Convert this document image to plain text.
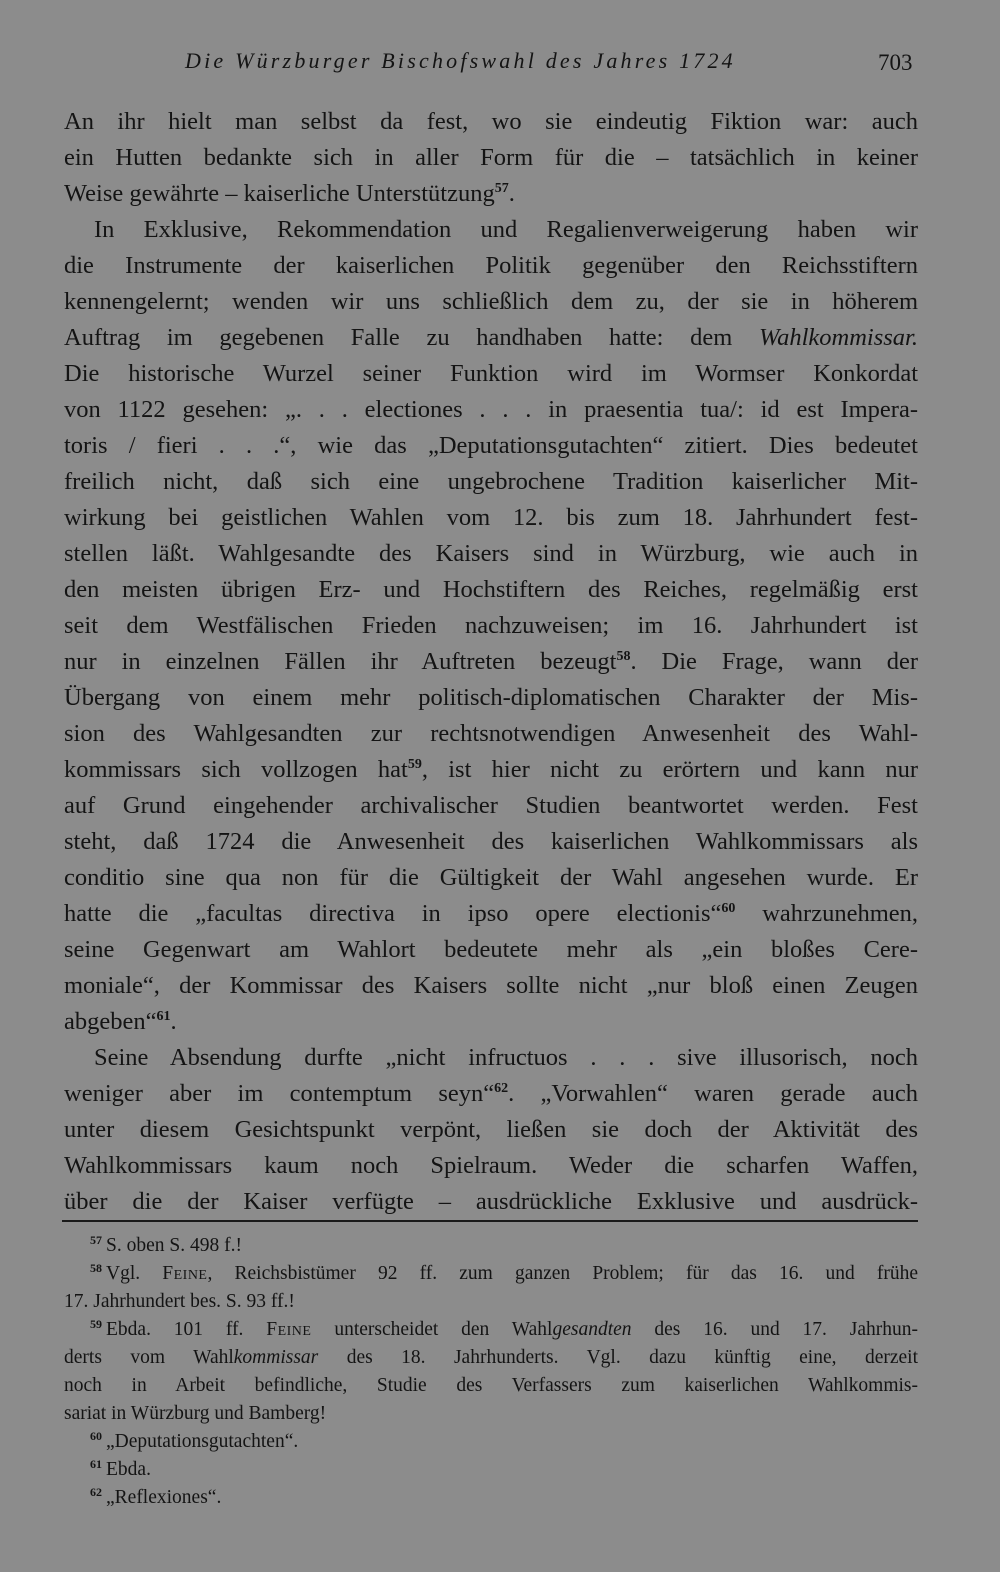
Die Würzburger Bischofswahl des Jahres 1724	703
An ihr hielt man selbst da fest, wo sie eindeutig Fiktion war: auch
ein Hutten bedankte sich in aller Form für die – tatsächlich in keiner
Weise gewährte – kaiserliche Unterstützung$^{57}$.
In Exklusive, Rekommendation und Regalienverweigerung haben wir
die Instrumente der kaiserlichen Politik gegenüber den Reichsstiftern
kennengelernt; wenden wir uns schließlich dem zu, der sie in höherem
Auftrag im gegebenen Falle zu handhaben hatte: dem Wahlkommissar.
Die historische Wurzel seiner Funktion wird im Wormser Konkordat
von 1122 gesehen: „. . . electiones . . . in praesentia tua/: id est Impera-
toris / fieri . . .“, wie das „Deputationsgutachten“ zitiert. Dies bedeutet
freilich nicht, daß sich eine ungebrochene Tradition kaiserlicher Mit-
wirkung bei geistlichen Wahlen vom 12. bis zum 18. Jahrhundert fest-
stellen läßt. Wahlgesandte des Kaisers sind in Würzburg, wie auch in
den meisten übrigen Erz- und Hochstiftern des Reiches, regelmäßig erst
seit dem Westfälischen Frieden nachzuweisen; im 16. Jahrhundert ist
nur in einzelnen Fällen ihr Auftreten bezeugt$^{58}$. Die Frage, wann der
Übergang von einem mehr politisch-diplomatischen Charakter der Mis-
sion des Wahlgesandten zur rechtsnotwendigen Anwesenheit des Wahl-
kommissars sich vollzogen hat$^{59}$, ist hier nicht zu erörtern und kann nur
auf Grund eingehender archivalischer Studien beantwortet werden. Fest
steht, daß 1724 die Anwesenheit des kaiserlichen Wahlkommissars als
conditio sine qua non für die Gültigkeit der Wahl angesehen wurde. Er
hatte die „facultas directiva in ipso opere electionis“$^{60}$ wahrzunehmen,
seine Gegenwart am Wahlort bedeutete mehr als „ein bloßes Cere-
moniale“, der Kommissar des Kaisers sollte nicht „nur bloß einen Zeugen
abgeben“$^{61}$.
Seine Absendung durfte „nicht infructuos . . . sive illusorisch, noch
weniger aber im contemptum seyn“$^{62}$. „Vorwahlen“ waren gerade auch
unter diesem Gesichtspunkt verpönt, ließen sie doch der Aktivität des
Wahlkommissars kaum noch Spielraum. Weder die scharfen Waffen,
über die der Kaiser verfügte – ausdrückliche Exklusive und ausdrück-
$^{57}$ S. oben S. 498 f.!
$^{58}$ Vgl. Feine, Reichsbistümer 92 ff. zum ganzen Problem; für das 16. und frühe
17. Jahrhundert bes. S. 93 ff.!
$^{59}$ Ebda. 101 ff. Feine unterscheidet den Wahlgesandten des 16. und 17. Jahrhun-
derts vom Wahlkommissar des 18. Jahrhunderts. Vgl. dazu künftig eine, derzeit
noch in Arbeit befindliche, Studie des Verfassers zum kaiserlichen Wahlkommis-
sariat in Würzburg und Bamberg!
$^{60}$ „Deputationsgutachten“.
$^{61}$ Ebda.
$^{62}$ „Reflexiones“.
